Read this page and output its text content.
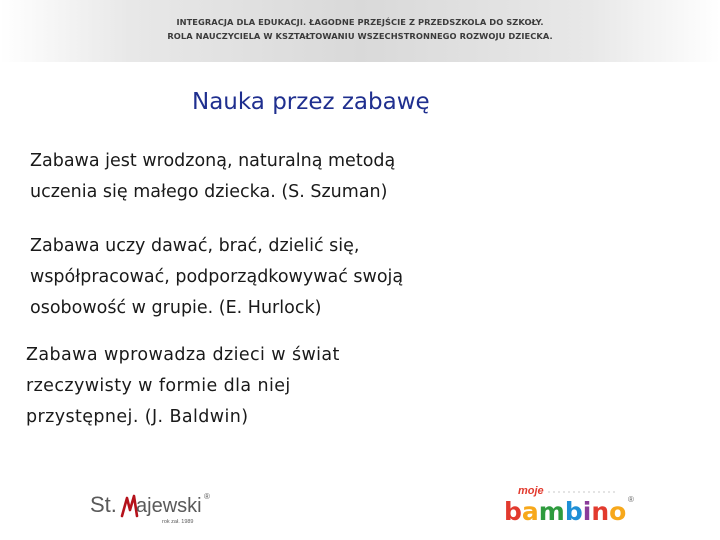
INTEGRACJA DLA EDUKACJI. ŁAGODNE PRZEJŚCIE Z PRZEDSZKOLA DO SZKOŁY.
ROLA NAUCZYCIELA W KSZTAŁTOWANIU WSZECHSTRONNEGO ROZWOJU DZIECKA.
Nauka przez zabawę

Zabawa jest wrodzoną, naturalną metodą
uczenia się małego dziecka. (S. Szuman)

Zabawa uczy dawać, brać, dzielić się,
współpracować, podporządkowywać swoją
osobowość w grupie. (E. Hurlock)

Zabawa wprowadza dzieci w świat
rzeczywisty w formie dla niej
przystępnej. (J. Baldwin)

St. ajewski ®
rok zał. 1989
moje
bambino ®
